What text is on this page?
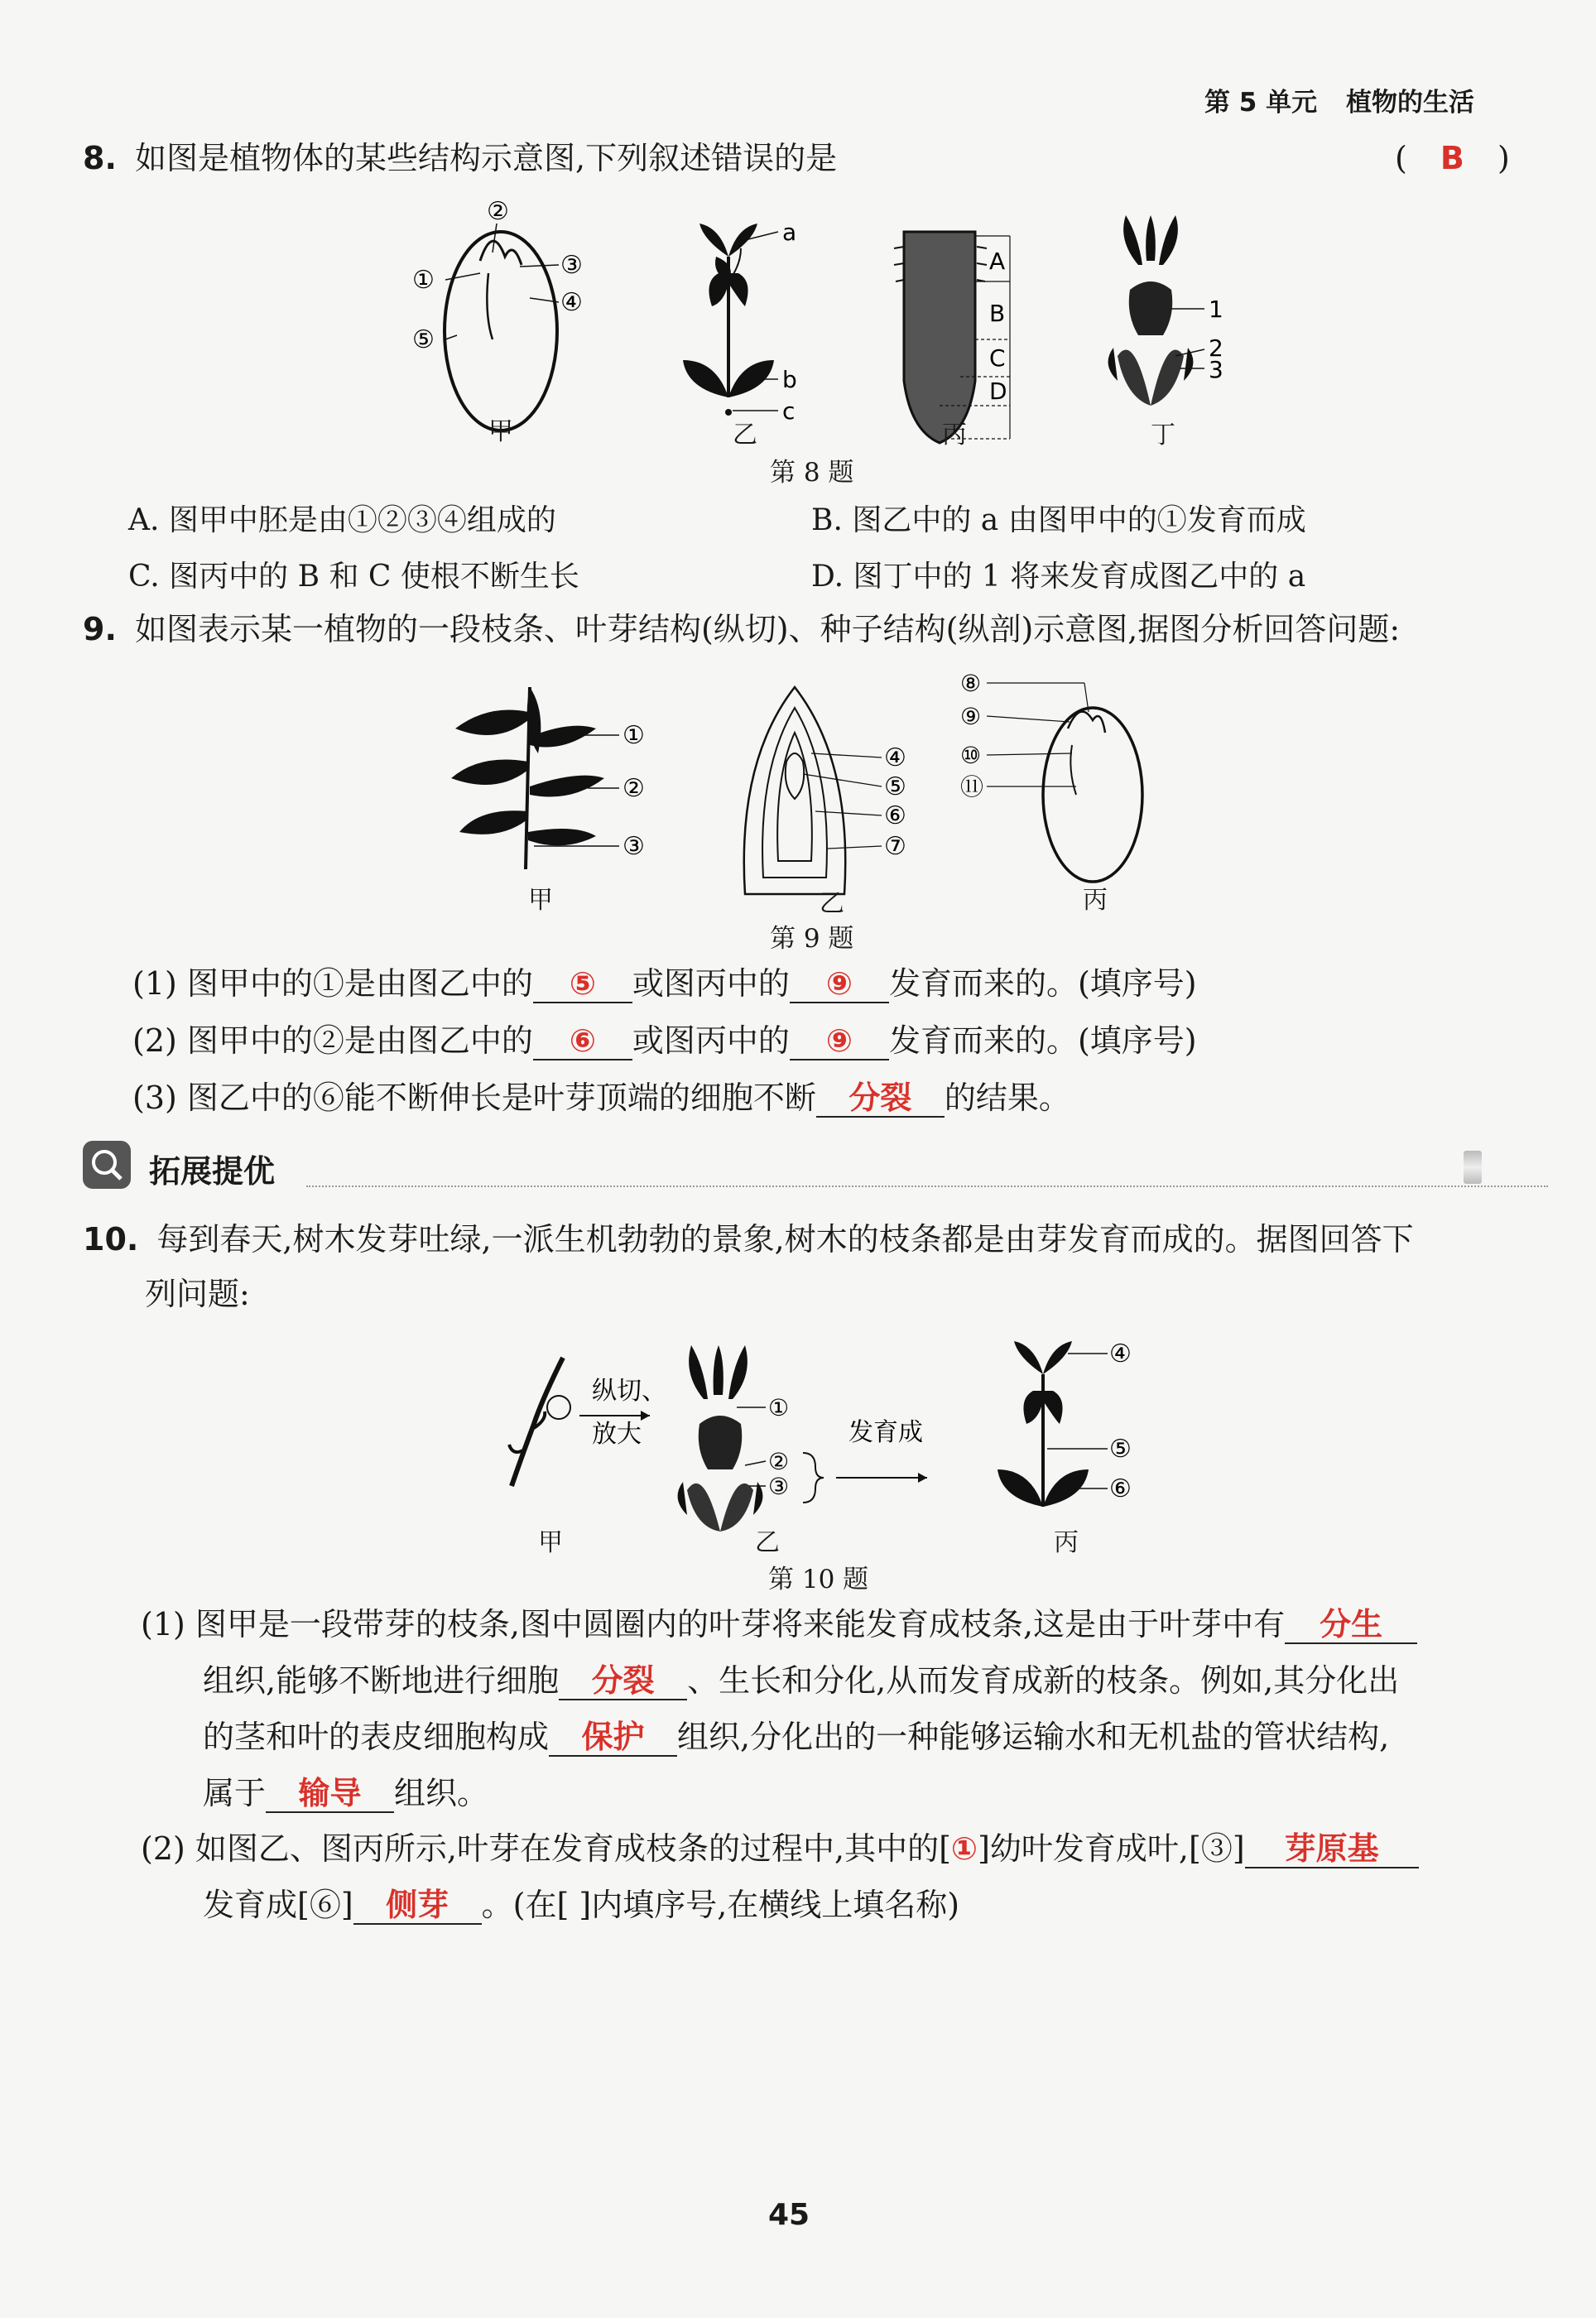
第 5 单元 植物的生活
8. 如图是植物体的某些结构示意图,下列叙述错误的是	( B )
②
①
③
④
⑤
a
b
c
A
B
C
D
1
2
3
甲	乙	丙	丁
第 8 题
A. 图甲中胚是由①②③④组成的	B. 图乙中的 a 由图甲中的①发育而成
C. 图丙中的 B 和 C 使根不断生长	D. 图丁中的 1 将来发育成图乙中的 a
9. 如图表示某一植物的一段枝条、叶芽结构(纵切)、种子结构(纵剖)示意图,据图分析回答问题:
①
②
③
④
⑤
⑥
⑦
⑧
⑨
⑩
⑪
甲	乙	丙
第 9 题
(1) 图甲中的①是由图乙中的 ⑤ 或图丙中的 ⑨ 发育而来的。(填序号)
(2) 图甲中的②是由图乙中的 ⑥ 或图丙中的 ⑨ 发育而来的。(填序号)
(3) 图乙中的⑥能不断伸长是叶芽顶端的细胞不断 分裂 的结果。
拓展提优
10. 每到春天,树木发芽吐绿,一派生机勃勃的景象,树木的枝条都是由芽发育而成的。据图回答下
列问题:
纵切、
放大
①
②
③
发育成
④
⑤
⑥
甲	乙	丙
第 10 题
(1) 图甲是一段带芽的枝条,图中圆圈内的叶芽将来能发育成枝条,这是由于叶芽中有 分生
组织,能够不断地进行细胞 分裂 、生长和分化,从而发育成新的枝条。例如,其分化出
的茎和叶的表皮细胞构成 保护 组织,分化出的一种能够运输水和无机盐的管状结构,
属于 输导 组织。
(2) 如图乙、图丙所示,叶芽在发育成枝条的过程中,其中的[①]幼叶发育成叶,[③] 芽原基
发育成[⑥] 侧芽 。(在[ ]内填序号,在横线上填名称)
45
